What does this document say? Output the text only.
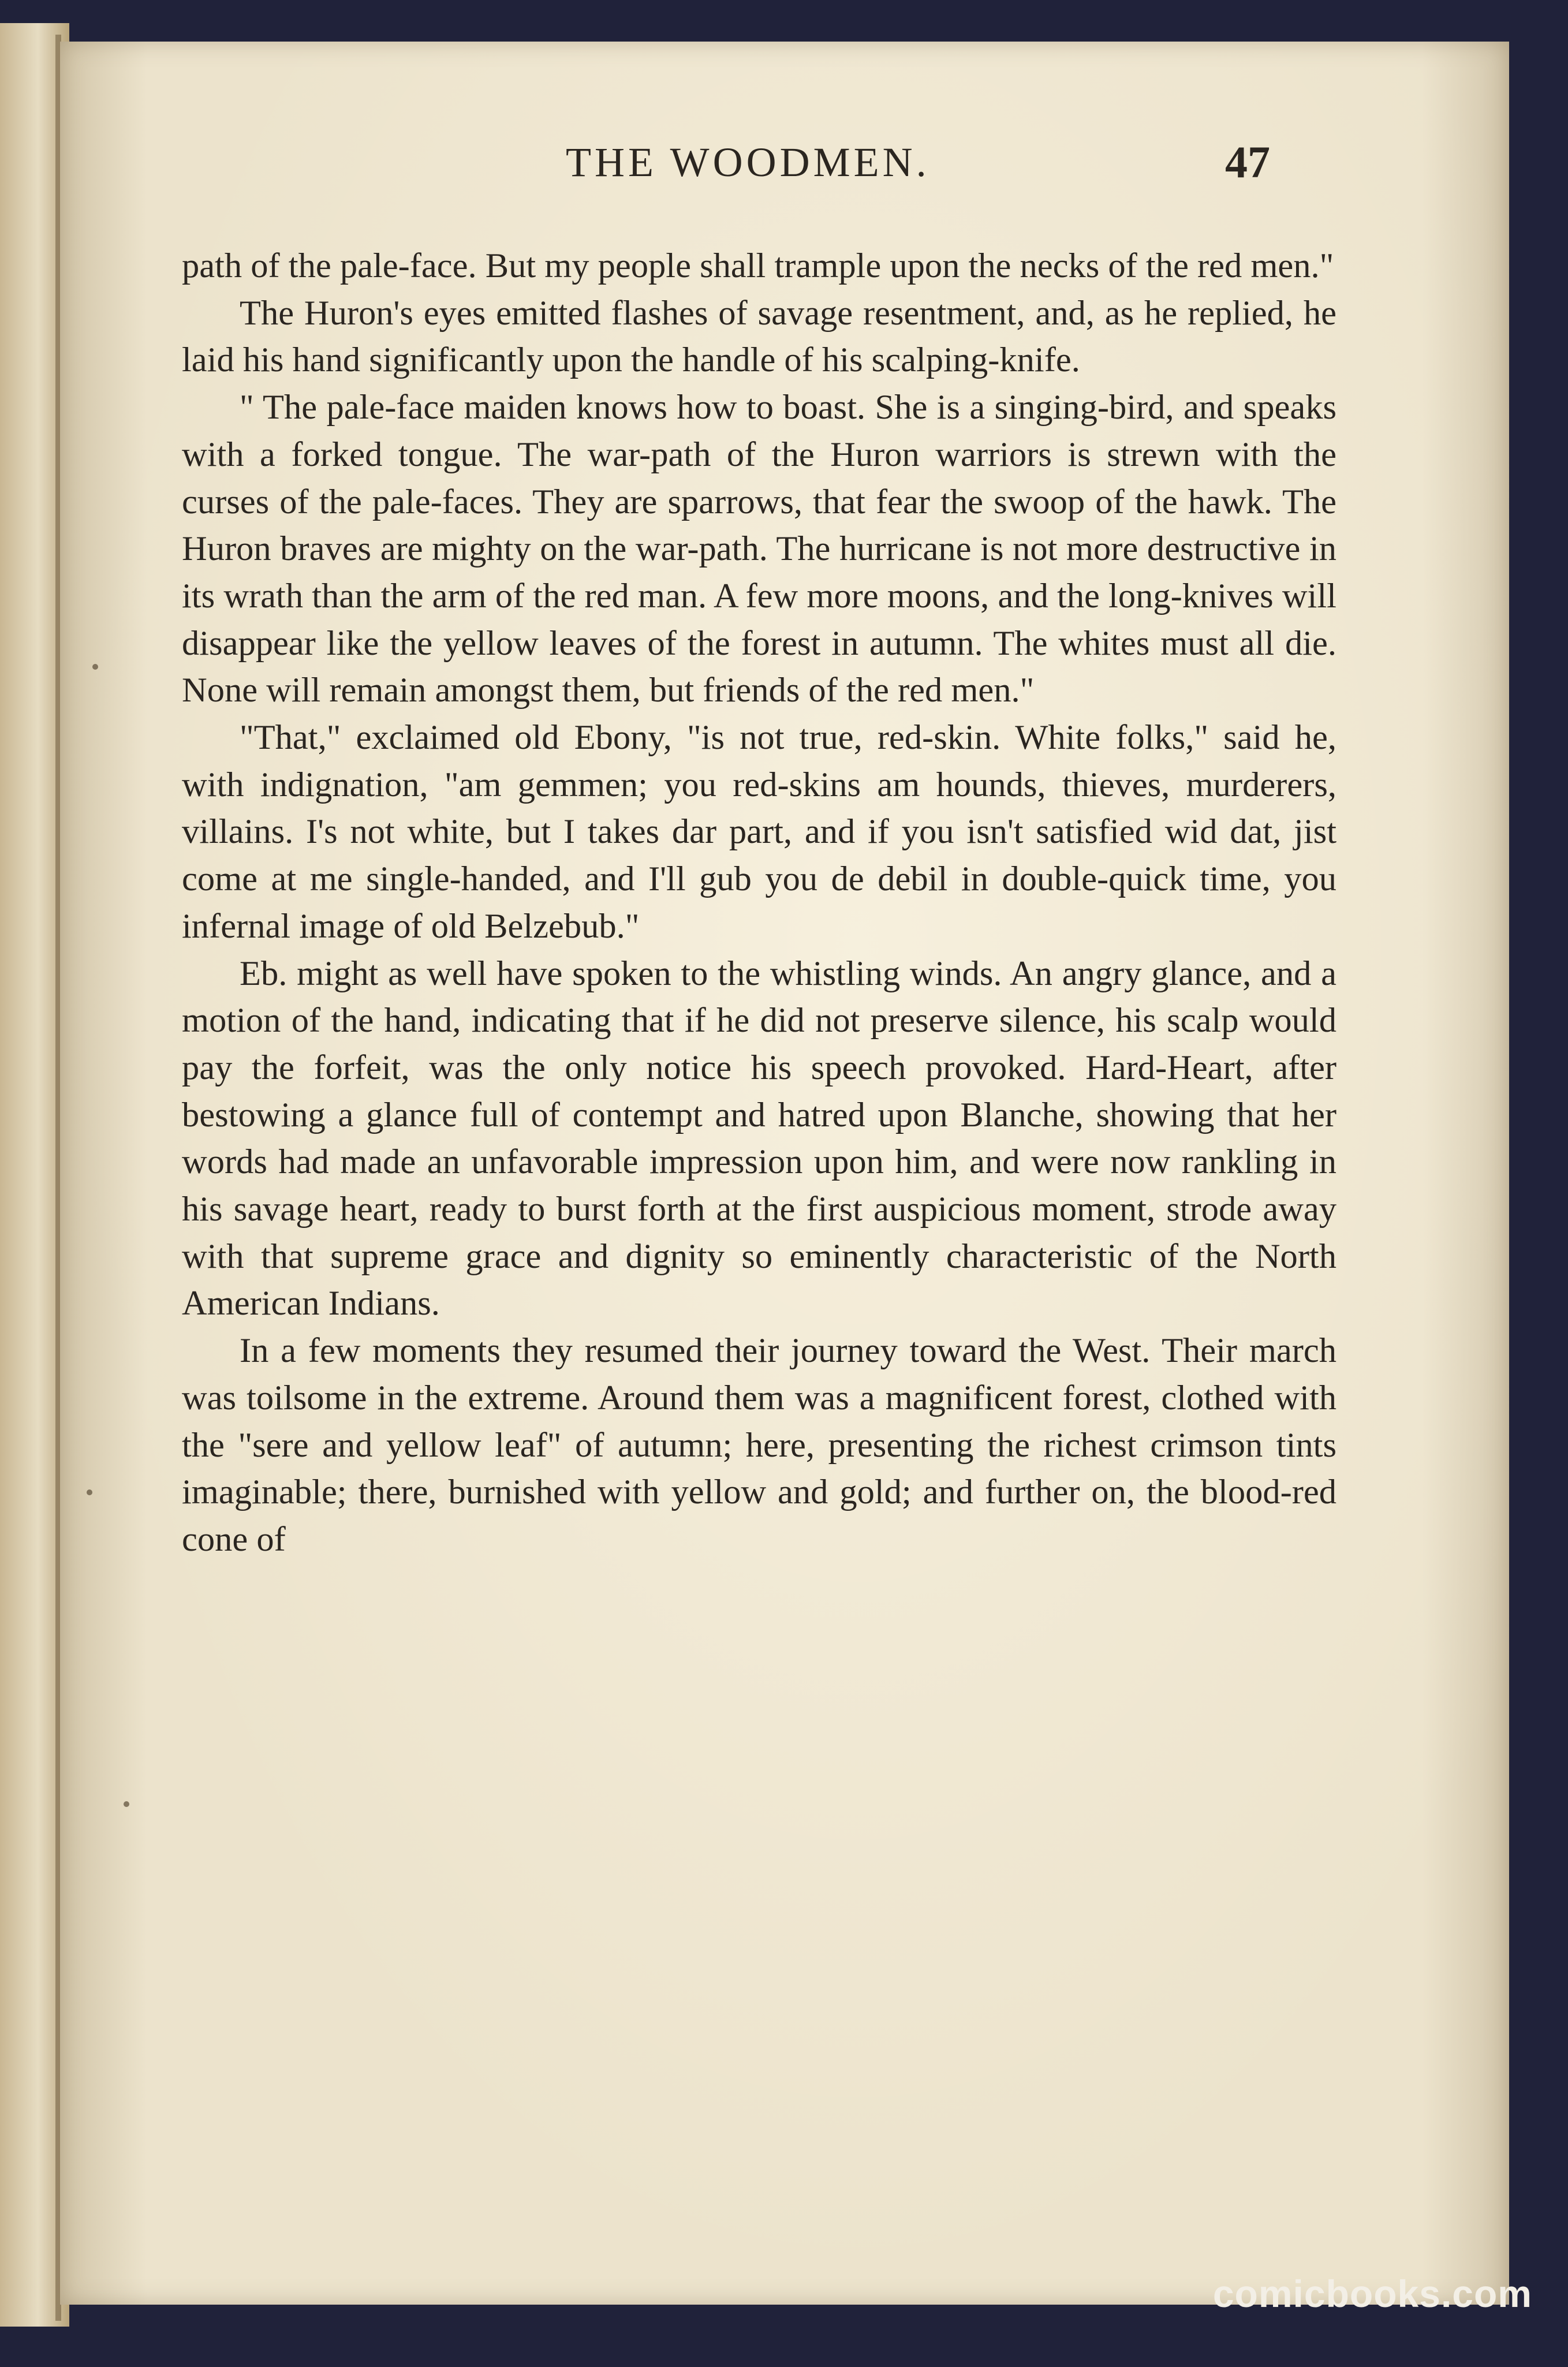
THE WOODMEN.	47

path of the pale-face. But my people shall trample upon the necks of the red men."

The Huron's eyes emitted flashes of savage resentment, and, as he replied, he laid his hand significantly upon the handle of his scalping-knife.

" The pale-face maiden knows how to boast. She is a singing-bird, and speaks with a forked tongue. The war-path of the Huron warriors is strewn with the curses of the pale-faces. They are sparrows, that fear the swoop of the hawk. The Huron braves are mighty on the war-path. The hurricane is not more destructive in its wrath than the arm of the red man. A few more moons, and the long-knives will disappear like the yellow leaves of the forest in autumn. The whites must all die. None will remain amongst them, but friends of the red men."

"That," exclaimed old Ebony, "is not true, red-skin. White folks," said he, with indignation, "am gemmen; you red-skins am hounds, thieves, murderers, villains. I's not white, but I takes dar part, and if you isn't satisfied wid dat, jist come at me single-handed, and I'll gub you de debil in double-quick time, you infernal image of old Belzebub."

Eb. might as well have spoken to the whistling winds. An angry glance, and a motion of the hand, indicating that if he did not preserve silence, his scalp would pay the forfeit, was the only notice his speech provoked. Hard-Heart, after bestowing a glance full of contempt and hatred upon Blanche, showing that her words had made an unfavorable impression upon him, and were now rankling in his savage heart, ready to burst forth at the first auspicious moment, strode away with that supreme grace and dignity so eminently characteristic of the North American Indians.

In a few moments they resumed their journey toward the West. Their march was toilsome in the extreme. Around them was a magnificent forest, clothed with the "sere and yellow leaf" of autumn; here, presenting the richest crimson tints imaginable; there, burnished with yellow and gold; and further on, the blood-red cone of

comicbooks.com
